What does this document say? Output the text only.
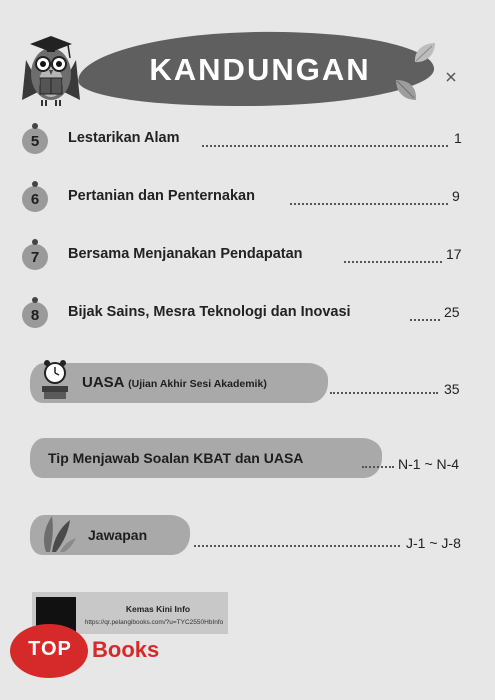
KANDUNGAN
5	Lestarikan Alam	1
6	Pertanian dan Penternakan	9
7	Bersama Menjanakan Pendapatan	17
8	Bijak Sains, Mesra Teknologi dan Inovasi	25
UASA (Ujian Akhir Sesi Akademik)	35
Tip Menjawab Soalan KBAT dan UASA	N-1 ~ N-4
Jawapan	J-1 ~ J-8
Kemas Kini Info
https://qr.pelangibooks.com/?u=TYC2550HbInfo
TOP Books
